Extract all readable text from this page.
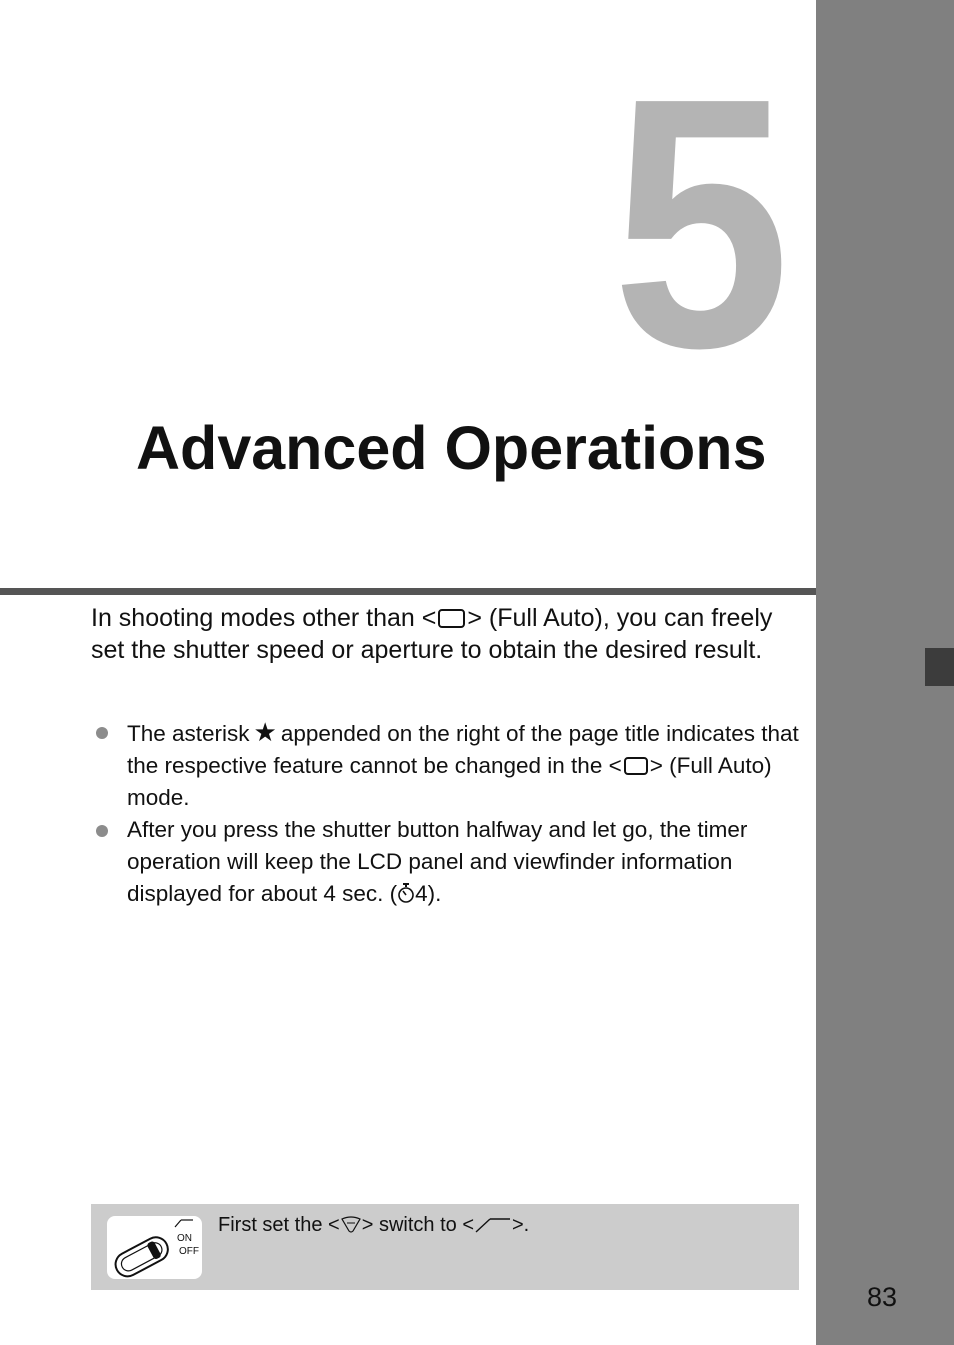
83
5
Advanced Operations
In shooting modes other than < > (Full Auto), you can freely set the shutter speed or aperture to obtain the desired result.
The asterisk ★ appended on the right of the page title indicates that the respective feature cannot be changed in the < > (Full Auto) mode.
After you press the shutter button halfway and let go, the timer operation will keep the LCD panel and viewfinder information displayed for about 4 sec. ( 4).
ON
OFF
First set the < > switch to < >.
